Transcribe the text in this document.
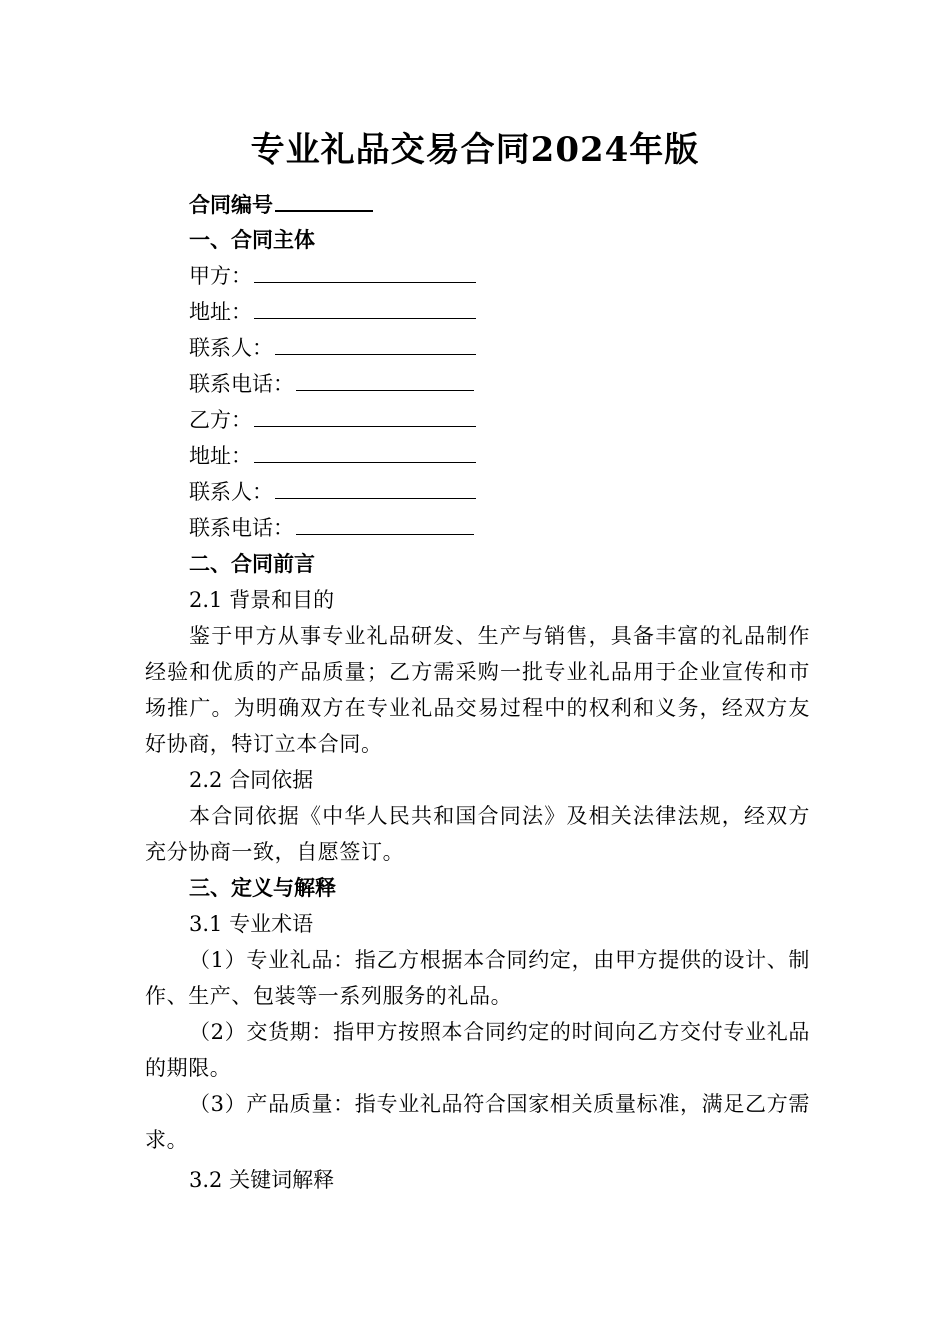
专业礼品交易合同2024年版
合同编号
一、合同主体
甲方：
地址：
联系人：
联系电话：
乙方：
地址：
联系人：
联系电话：
二、合同前言
2.1 背景和目的
鉴于甲方从事专业礼品研发、生产与销售，具备丰富的礼品制作经验和优质的产品质量；乙方需采购一批专业礼品用于企业宣传和市场推广。为明确双方在专业礼品交易过程中的权利和义务，经双方友好协商，特订立本合同。
2.2 合同依据
本合同依据《中华人民共和国合同法》及相关法律法规，经双方充分协商一致，自愿签订。
三、定义与解释
3.1 专业术语
（1）专业礼品：指乙方根据本合同约定，由甲方提供的设计、制作、生产、包装等一系列服务的礼品。
（2）交货期：指甲方按照本合同约定的时间向乙方交付专业礼品的期限。
（3）产品质量：指专业礼品符合国家相关质量标准，满足乙方需求。
3.2 关键词解释
